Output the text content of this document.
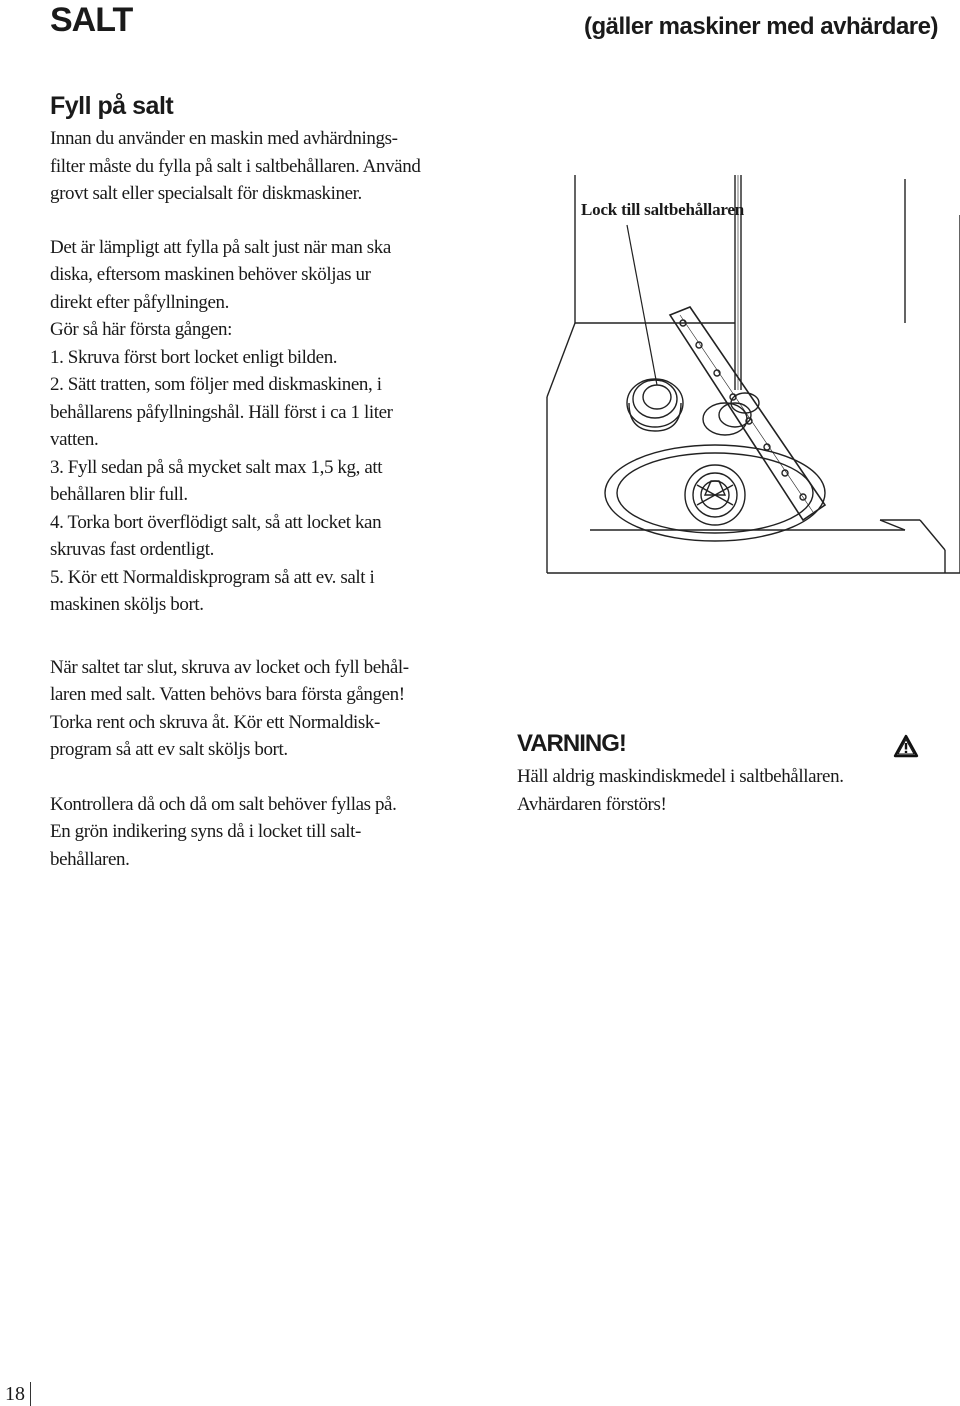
SALT	(gäller maskiner med avhärdare)
Fyll på salt

Innan du använder en maskin med avhärdnings-
filter måste du fylla på salt i saltbehållaren. Använd
grovt salt eller specialsalt för diskmaskiner.

Det är lämpligt att fylla på salt just när man ska
diska, eftersom maskinen behöver sköljas ur
direkt efter påfyllningen.
Gör så här första gången:
1. Skruva först bort locket enligt bilden.
2. Sätt tratten, som följer med diskmaskinen, i
behållarens påfyllningshål. Häll först i ca 1 liter
vatten.
3. Fyll sedan på så mycket salt max 1,5 kg, att
behållaren blir full.
4. Torka bort överflödigt salt, så att locket kan
skruvas fast ordentligt.
5. Kör ett Normaldiskprogram så att ev. salt i
maskinen sköljs bort.

När saltet tar slut, skruva av locket och fyll behål-
laren med salt. Vatten behövs bara första gången!
Torka rent och skruva åt. Kör ett Normaldisk-
program så att ev salt sköljs bort.

Kontrollera då och då om salt behöver fyllas på.
En grön indikering syns då i locket till salt-
behållaren.

Lock till saltbehållaren
VARNING!

Häll aldrig maskindiskmedel i saltbehållaren.
Avhärdaren förstörs!

18
